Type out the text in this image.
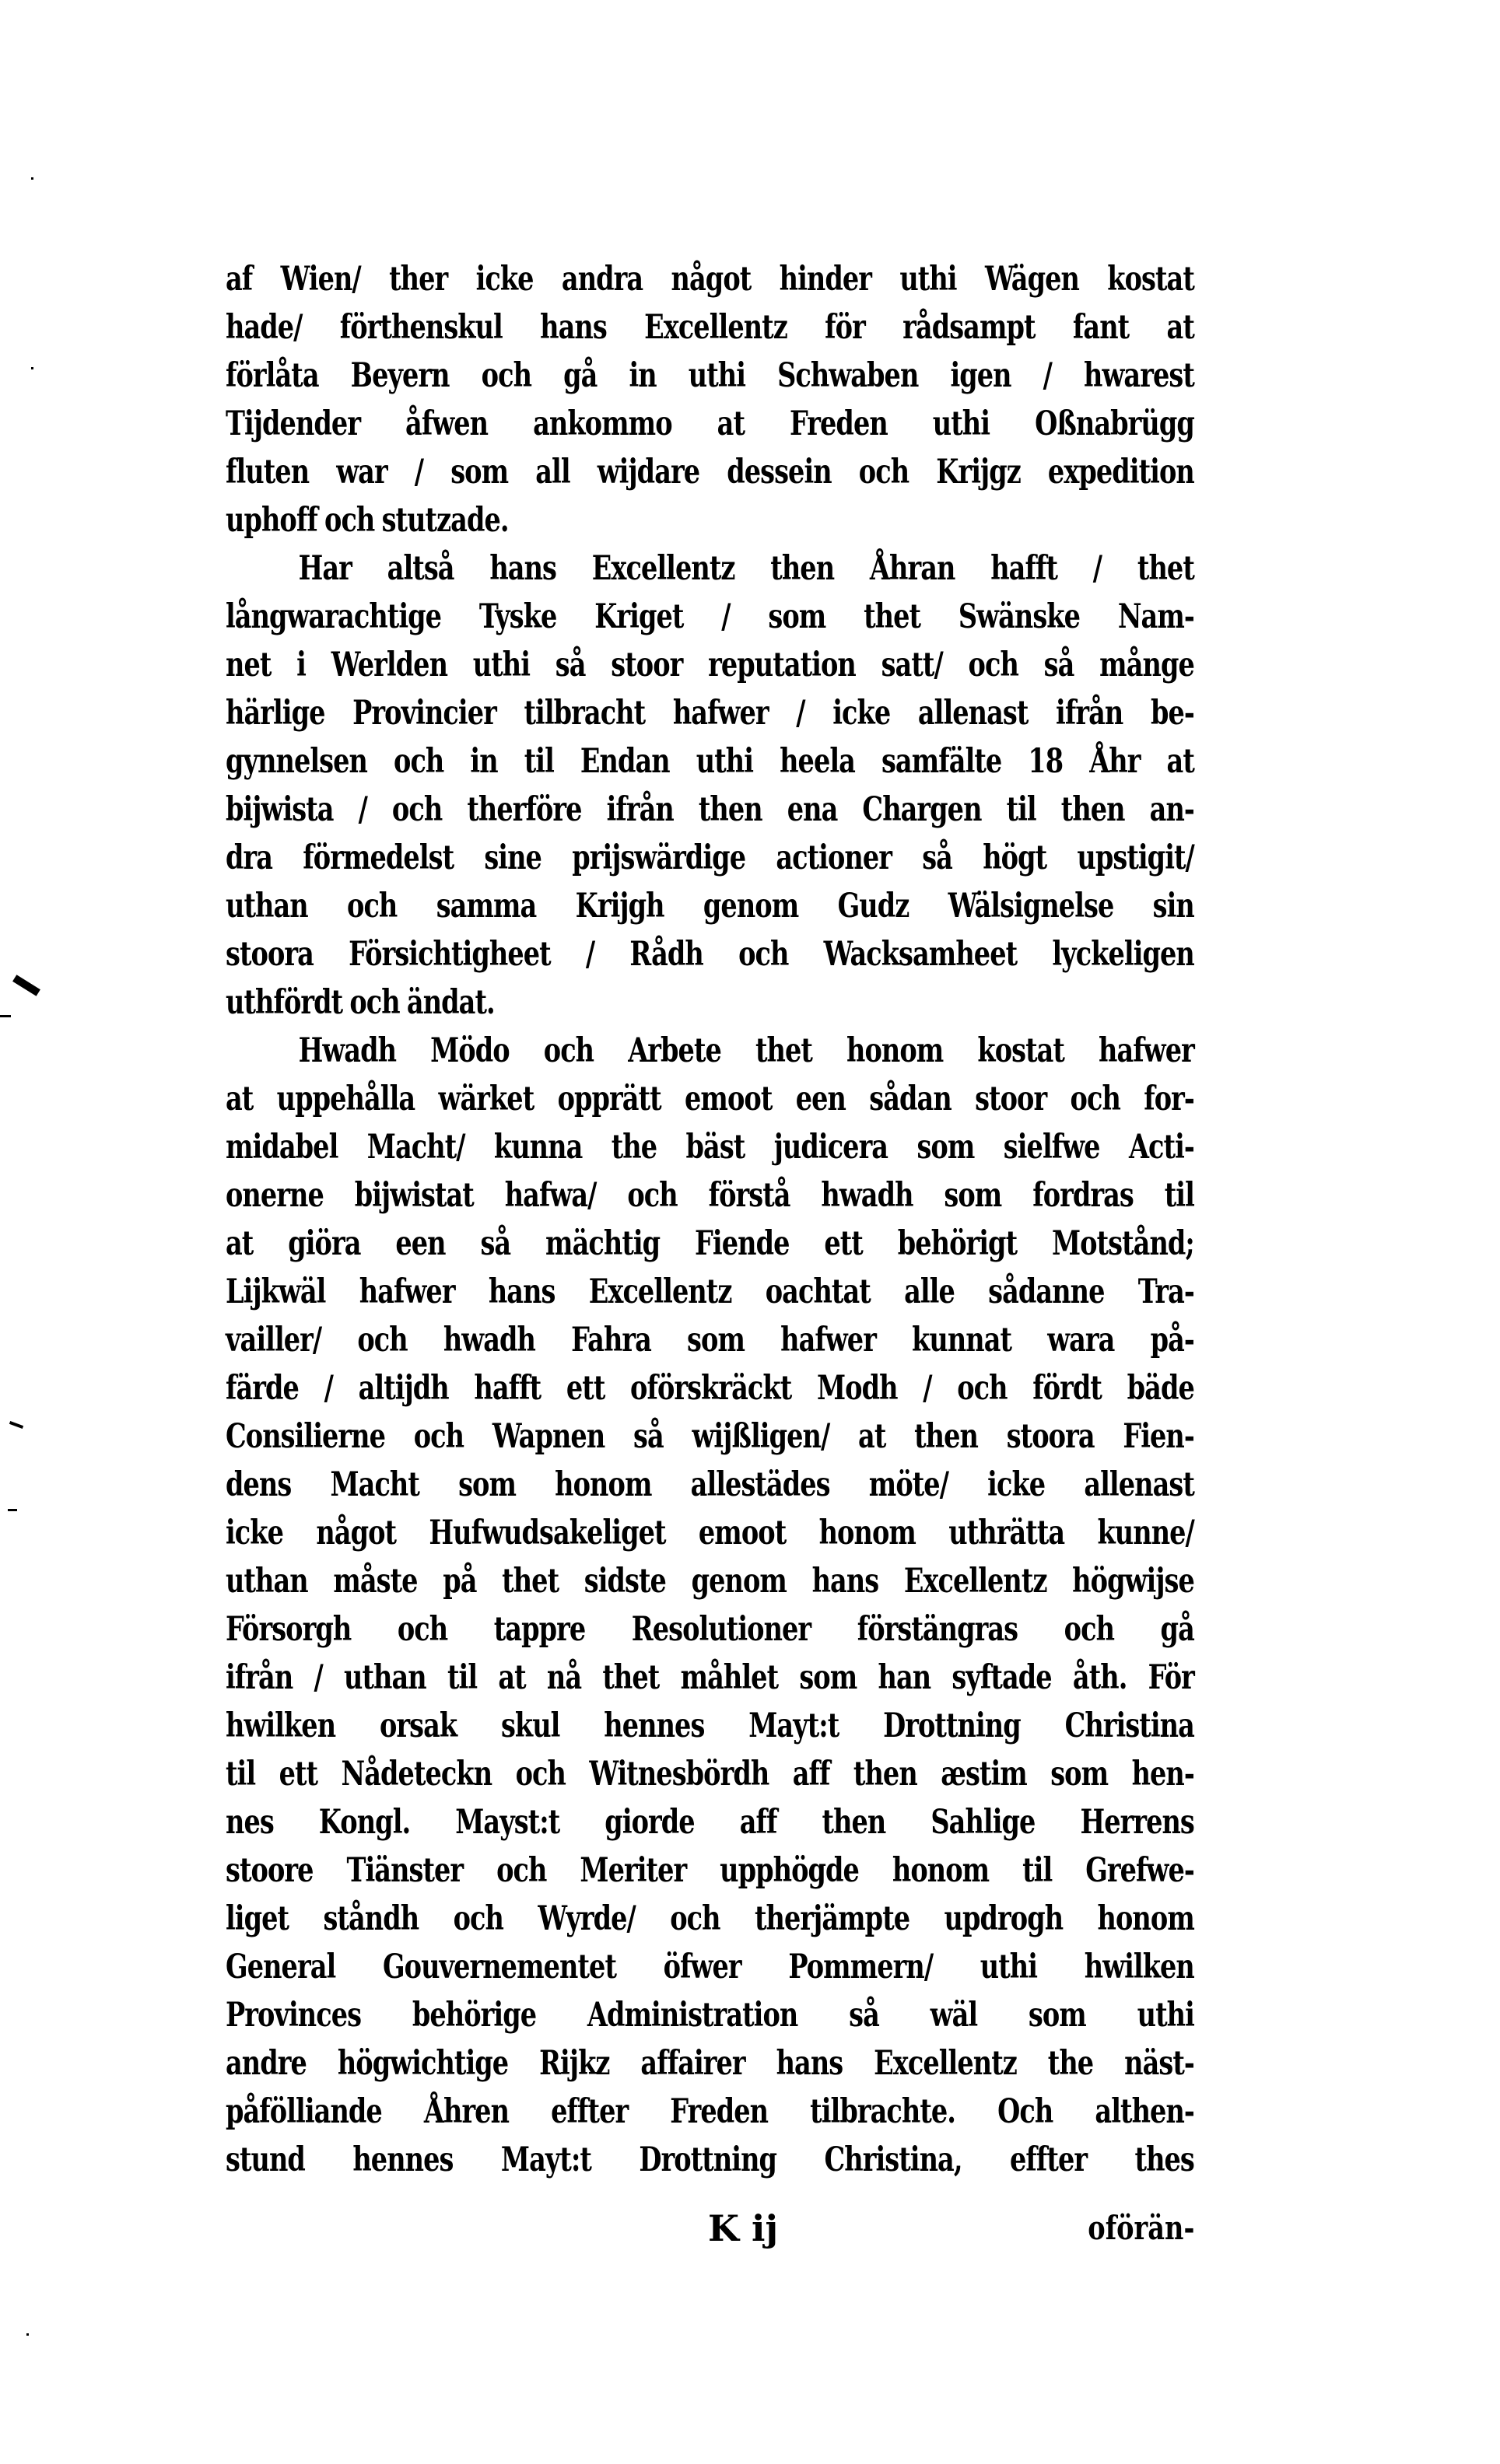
af Wien/ ther icke andra något hinder uthi Wägen kostat
hade/ förthenskul hans Excellentz för rådsampt fant at
förlåta Beyern och gå in uthi Schwaben igen / hwarest
Tijdender åfwen ankommo at Freden uthi Oßnabrügg
fluten war / som all wijdare dessein och Krijgz expedition
uphoff och stutzade.
Har altså hans Excellentz then Åhran hafft / thet
långwarachtige Tyske Kriget / som thet Swänske Nam-
net i Werlden uthi så stoor reputation satt/ och så månge
härlige Provincier tilbracht hafwer / icke allenast ifrån be-
gynnelsen och in til Endan uthi heela samfälte 18 Åhr at
bijwista / och therföre ifrån then ena Chargen til then an-
dra förmedelst sine prijswärdige actioner så högt upstigit/
uthan och samma Krijgh genom Gudz Wälsignelse sin
stoora Försichtigheet / Rådh och Wacksamheet lyckeligen
uthfördt och ändat.
Hwadh Mödo och Arbete thet honom kostat hafwer
at uppehålla wärket opprätt emoot een sådan stoor och for-
midabel Macht/ kunna the bäst judicera som sielfwe Acti-
onerne bijwistat hafwa/ och förstå hwadh som fordras til
at giöra een så mächtig Fiende ett behörigt Motstånd;
Lijkwäl hafwer hans Excellentz oachtat alle sådanne Tra-
vailler/ och hwadh Fahra som hafwer kunnat wara på-
färde / altijdh hafft ett oförskräckt Modh / och fördt bäde
Consilierne och Wapnen så wijßligen/ at then stoora Fien-
dens Macht som honom allestädes möte/ icke allenast
icke något Hufwudsakeliget emoot honom uthrätta kunne/
uthan måste på thet sidste genom hans Excellentz högwijse
Försorgh och tappre Resolutioner förstängras och gå
ifrån / uthan til at nå thet måhlet som han syftade åth. För
hwilken orsak skul hennes Mayt:t Drottning Christina
til ett Nådeteckn och Witnesbördh aff then æstim som hen-
nes Kongl. Mayst:t giorde aff then Sahlige Herrens
stoore Tiänster och Meriter upphögde honom til Grefwe-
liget ståndh och Wyrde/ och therjämpte updrogh honom
General Gouvernementet öfwer Pommern/ uthi hwilken
Provinces behörige Administration så wäl som uthi
andre högwichtige Rijkz affairer hans Excellentz the näst-
påfölliande Åhren effter Freden tilbrachte. Och althen-
stund hennes Mayt:t Drottning Christina, effter thes
K ij	oförän-
